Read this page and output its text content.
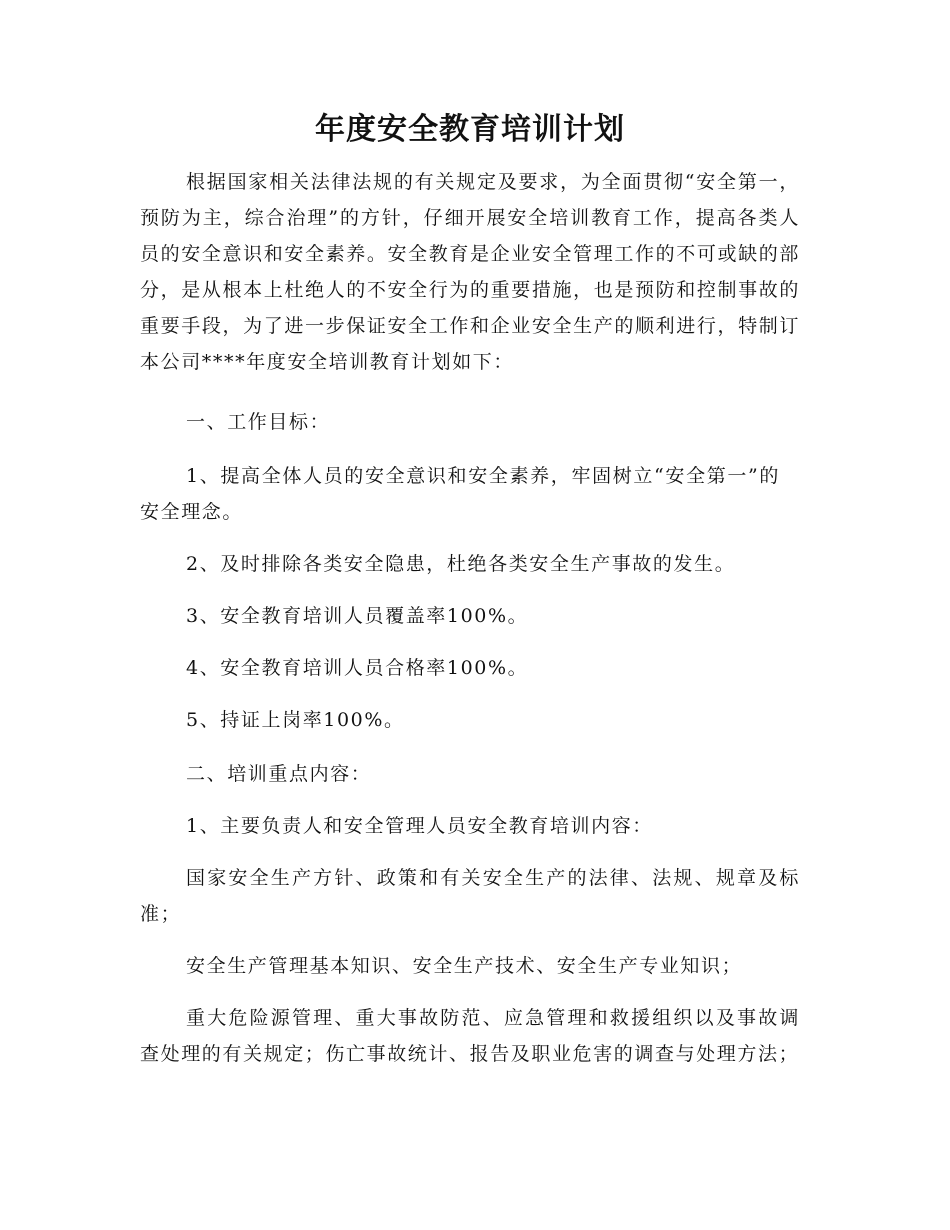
年度安全教育培训计划

根据国家相关法律法规的有关规定及要求，为全面贯彻“安全第一，预防为主，综合治理”的方针，仔细开展安全培训教育工作，提高各类人员的安全意识和安全素养。安全教育是企业安全管理工作的不可或缺的部分，是从根本上杜绝人的不安全行为的重要措施，也是预防和控制事故的重要手段，为了进一步保证安全工作和企业安全生产的顺利进行，特制订本公司****年度安全培训教育计划如下：

一、工作目标：

1、提高全体人员的安全意识和安全素养，牢固树立“安全第一”的安全理念。

2、及时排除各类安全隐患，杜绝各类安全生产事故的发生。

3、安全教育培训人员覆盖率100%。

4、安全教育培训人员合格率100%。

5、持证上岗率100%。

二、培训重点内容：

1、主要负责人和安全管理人员安全教育培训内容：

国家安全生产方针、政策和有关安全生产的法律、法规、规章及标准；

安全生产管理基本知识、安全生产技术、安全生产专业知识；

重大危险源管理、重大事故防范、应急管理和救援组织以及事故调查处理的有关规定；伤亡事故统计、报告及职业危害的调查与处理方法；
